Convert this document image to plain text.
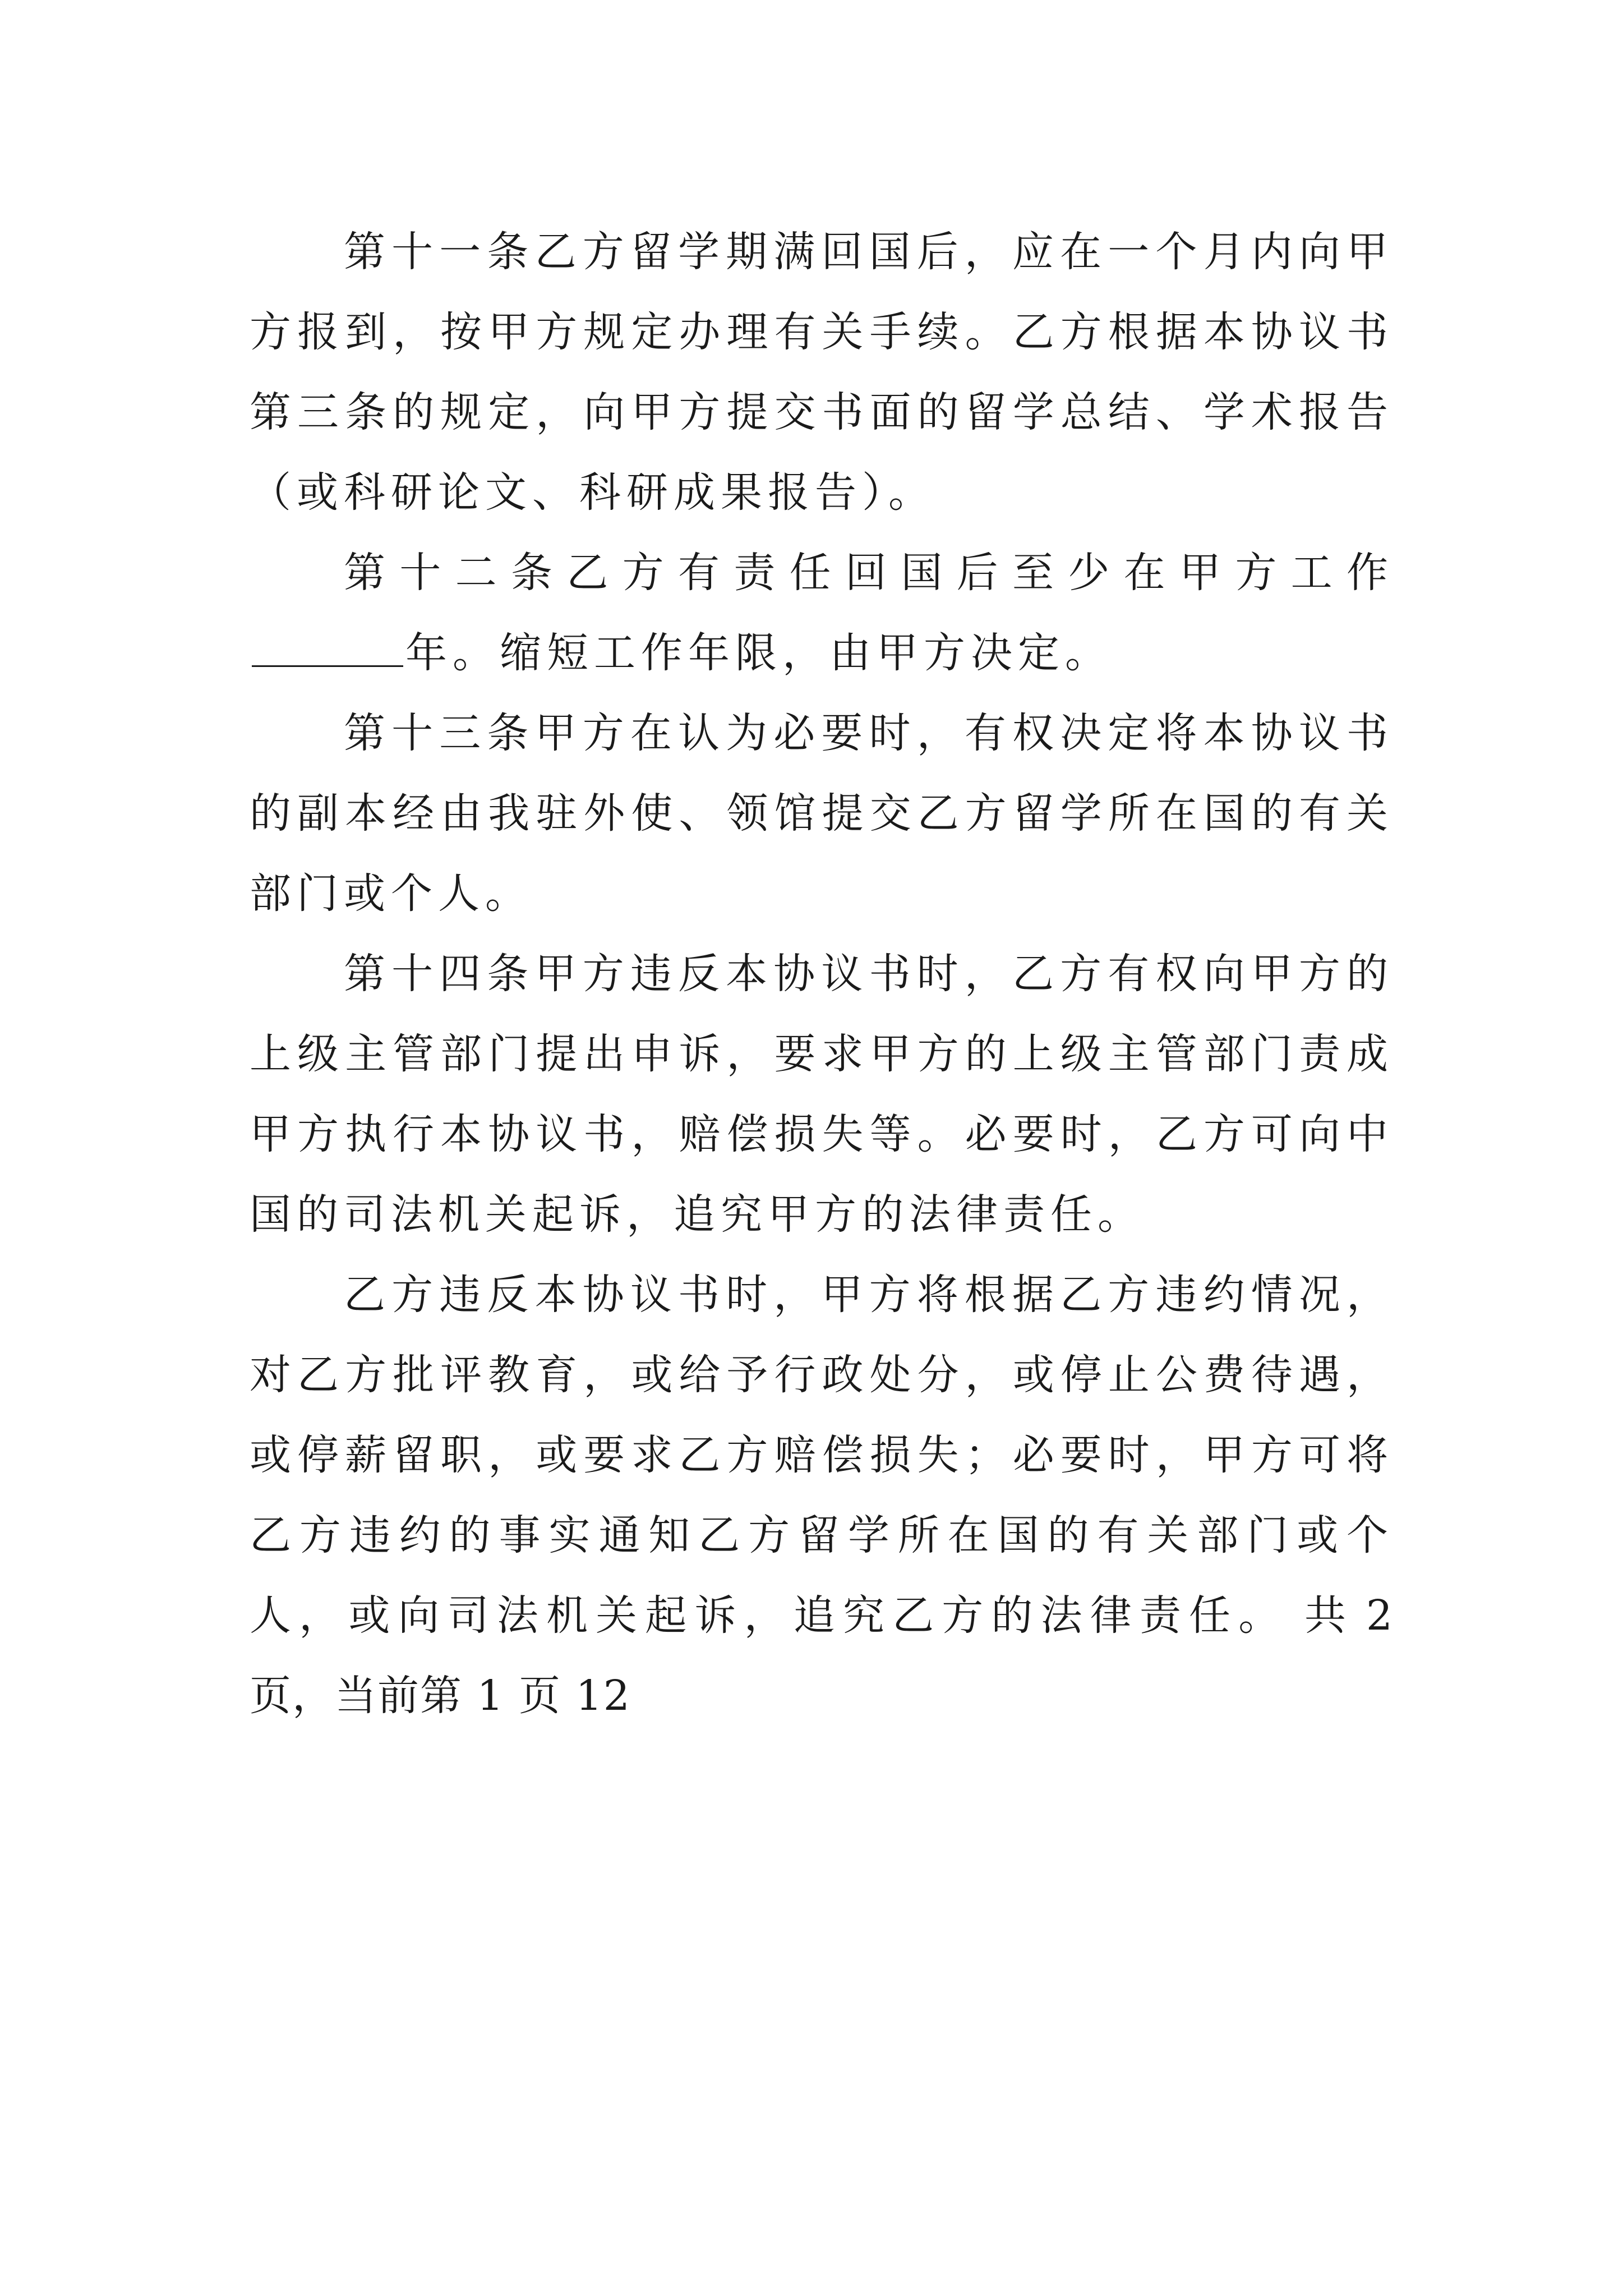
第十一条乙方留学期满回国后，应在一个月内向甲方报到，按甲方规定办理有关手续。乙方根据本协议书第三条的规定，向甲方提交书面的留学总结、学术报告（或科研论文、科研成果报告）。

第十二条乙方有责任回国后至少在甲方工作年。缩短工作年限，由甲方决定。

第十三条甲方在认为必要时，有权决定将本协议书的副本经由我驻外使、领馆提交乙方留学所在国的有关部门或个人。

第十四条甲方违反本协议书时，乙方有权向甲方的上级主管部门提出申诉，要求甲方的上级主管部门责成甲方执行本协议书，赔偿损失等。必要时，乙方可向中国的司法机关起诉，追究甲方的法律责任。

乙方违反本协议书时，甲方将根据乙方违约情况，对乙方批评教育，或给予行政处分，或停止公费待遇，或停薪留职，或要求乙方赔偿损失；必要时，甲方可将乙方违约的事实通知乙方留学所在国的有关部门或个人，或向司法机关起诉，追究乙方的法律责任。 共 2 页，当前第 1 页 12
